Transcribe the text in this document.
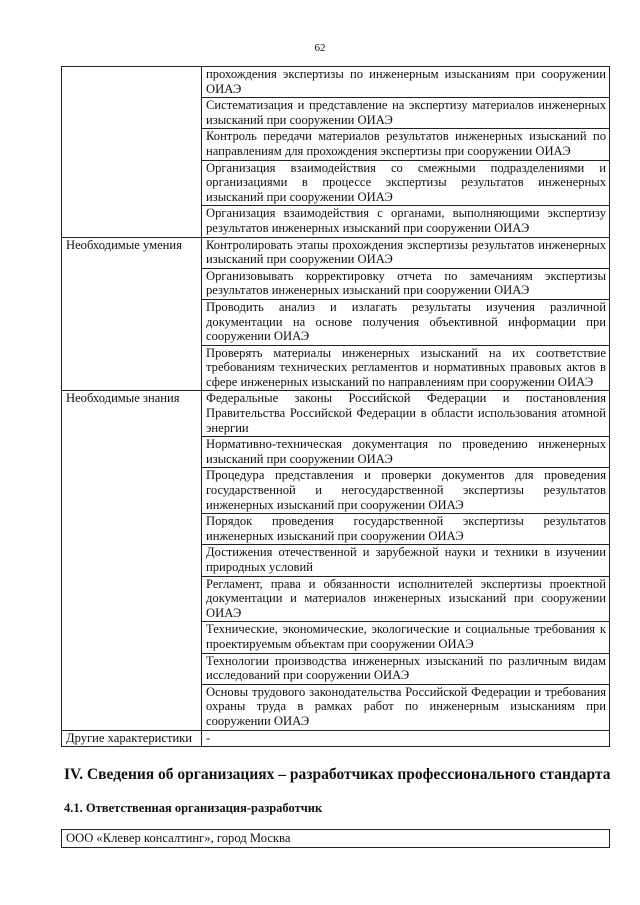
62
	прохождения экспертизы по инженерным изысканиям при сооружении ОИАЭ
	Систематизация и представление на экспертизу материалов инженерных изысканий при сооружении ОИАЭ
	Контроль передачи материалов результатов инженерных изысканий по направлениям для прохождения экспертизы при сооружении ОИАЭ
	Организация взаимодействия со смежными подразделениями и организациями в процессе экспертизы результатов инженерных изысканий при сооружении ОИАЭ
	Организация взаимодействия с органами, выполняющими экспертизу результатов инженерных изысканий при сооружении ОИАЭ
Необходимые умения	Контролировать этапы прохождения экспертизы результатов инженерных изысканий при сооружении ОИАЭ
	Организовывать корректировку отчета по замечаниям экспертизы результатов инженерных изысканий при сооружении ОИАЭ
	Проводить анализ и излагать результаты изучения различной документации на основе получения объективной информации при сооружении ОИАЭ
	Проверять материалы инженерных изысканий на их соответствие требованиям технических регламентов и нормативных правовых актов в сфере инженерных изысканий по направлениям при сооружении ОИАЭ
Необходимые знания	Федеральные законы Российской Федерации и постановления Правительства Российской Федерации в области использования атомной энергии
	Нормативно-техническая документация по проведению инженерных изысканий при сооружении ОИАЭ
	Процедура представления и проверки документов для проведения государственной и негосударственной экспертизы результатов инженерных изысканий при сооружении ОИАЭ
	Порядок проведения государственной экспертизы результатов инженерных изысканий при сооружении ОИАЭ
	Достижения отечественной и зарубежной науки и техники в изучении природных условий
	Регламент, права и обязанности исполнителей экспертизы проектной документации и материалов инженерных изысканий при сооружении ОИАЭ
	Технические, экономические, экологические и социальные требования к проектируемым объектам при сооружении ОИАЭ
	Технологии производства инженерных изысканий по различным видам исследований при сооружении ОИАЭ
	Основы трудового законодательства Российской Федерации и требования охраны труда в рамках работ по инженерным изысканиям при сооружении ОИАЭ
Другие характеристики	-
IV. Сведения об организациях – разработчиках профессионального стандарта
4.1. Ответственная организация-разработчик
ООО «Клевер консалтинг», город Москва
